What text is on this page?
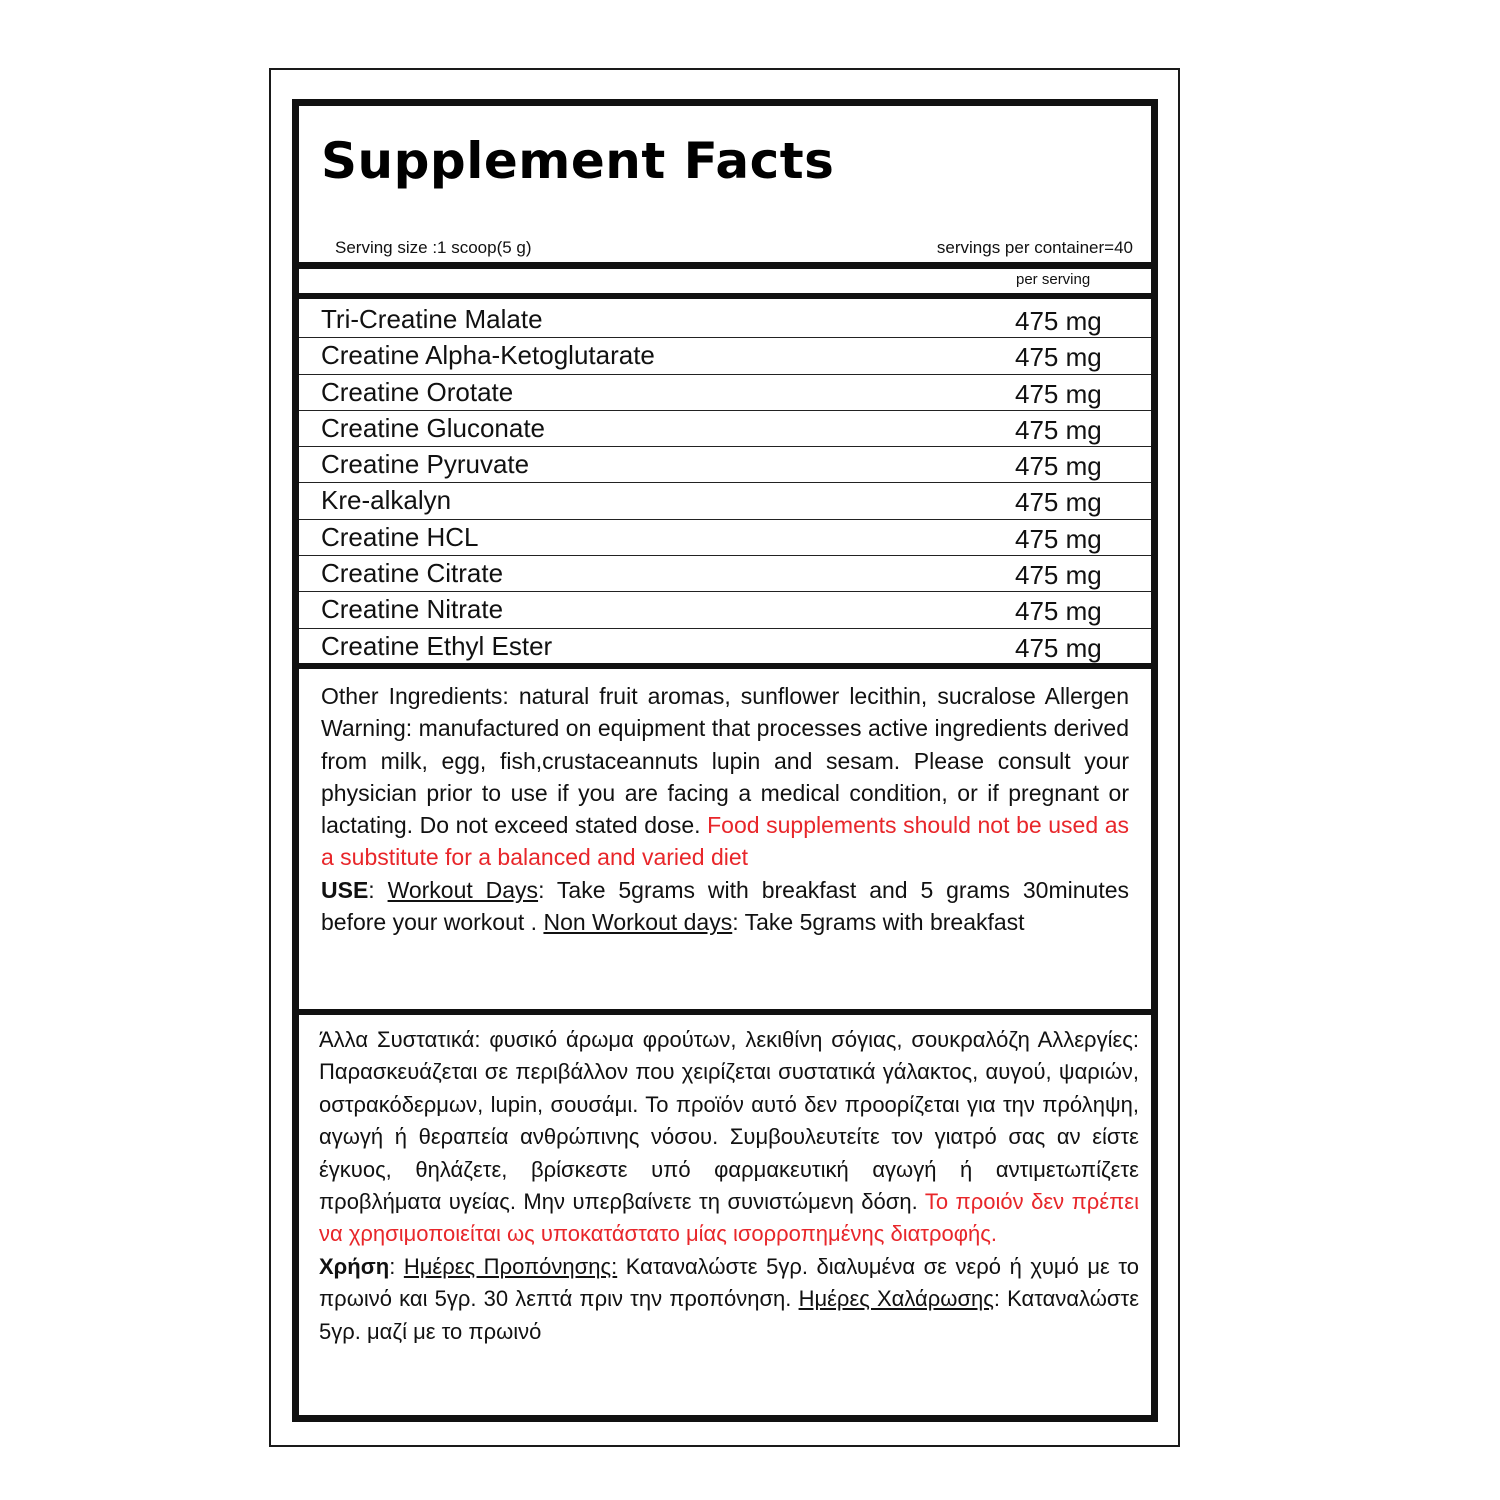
Supplement Facts
Serving size :1 scoop(5 g)	servings per container=40
per serving
Tri-Creatine Malate	475 mg
Creatine Alpha-Ketoglutarate	475 mg
Creatine Orotate	475 mg
Creatine Gluconate	475 mg
Creatine Pyruvate	475 mg
Kre-alkalyn	475 mg
Creatine HCL	475 mg
Creatine Citrate	475 mg
Creatine Nitrate	475 mg
Creatine Ethyl Ester	475 mg
Other Ingredients: natural fruit aromas, sunflower lecithin, sucralose Allergen Warning: manufactured on equipment that processes active ingredients derived from milk, egg, fish,crustaceannuts lupin and sesam. Please consult your physician prior to use if you are facing a medical condition, or if pregnant or lactating. Do not exceed stated dose. Food supplements should not be used as a substitute for a balanced and varied diet
USE: Workout Days: Take 5grams with breakfast and 5 grams 30minutes before your workout . Non Workout days: Take 5grams with breakfast
Άλλα Συστατικά: φυσικό άρωμα φρούτων, λεκιθίνη σόγιας, σουκραλόζη Αλλεργίες: Παρασκευάζεται σε περιβάλλον που χειρίζεται συστατικά γάλακτος, αυγού, ψαριών, οστρακόδερμων, lupin, σουσάμι. Το προϊόν αυτό δεν προορίζεται για την πρόληψη, αγωγή ή θεραπεία ανθρώπινης νόσου. Συμβουλευτείτε τον γιατρό σας αν είστε έγκυος, θηλάζετε, βρίσκεστε υπό φαρμακευτική αγωγή ή αντιμετωπίζετε προβλήματα υγείας. Μην υπερβαίνετε τη συνιστώμενη δόση. Το προιόν δεν πρέπει να χρησιμοποιείται ως υποκατάστατο μίας ισορροπημένης διατροφής.
Χρήση: Ημέρες Προπόνησης: Καταναλώστε 5γρ. διαλυμένα σε νερό ή χυμό με το πρωινό και 5γρ. 30 λεπτά πριν την προπόνηση. Ημέρες Χαλάρωσης: Καταναλώστε 5γρ. μαζί με το πρωινό
